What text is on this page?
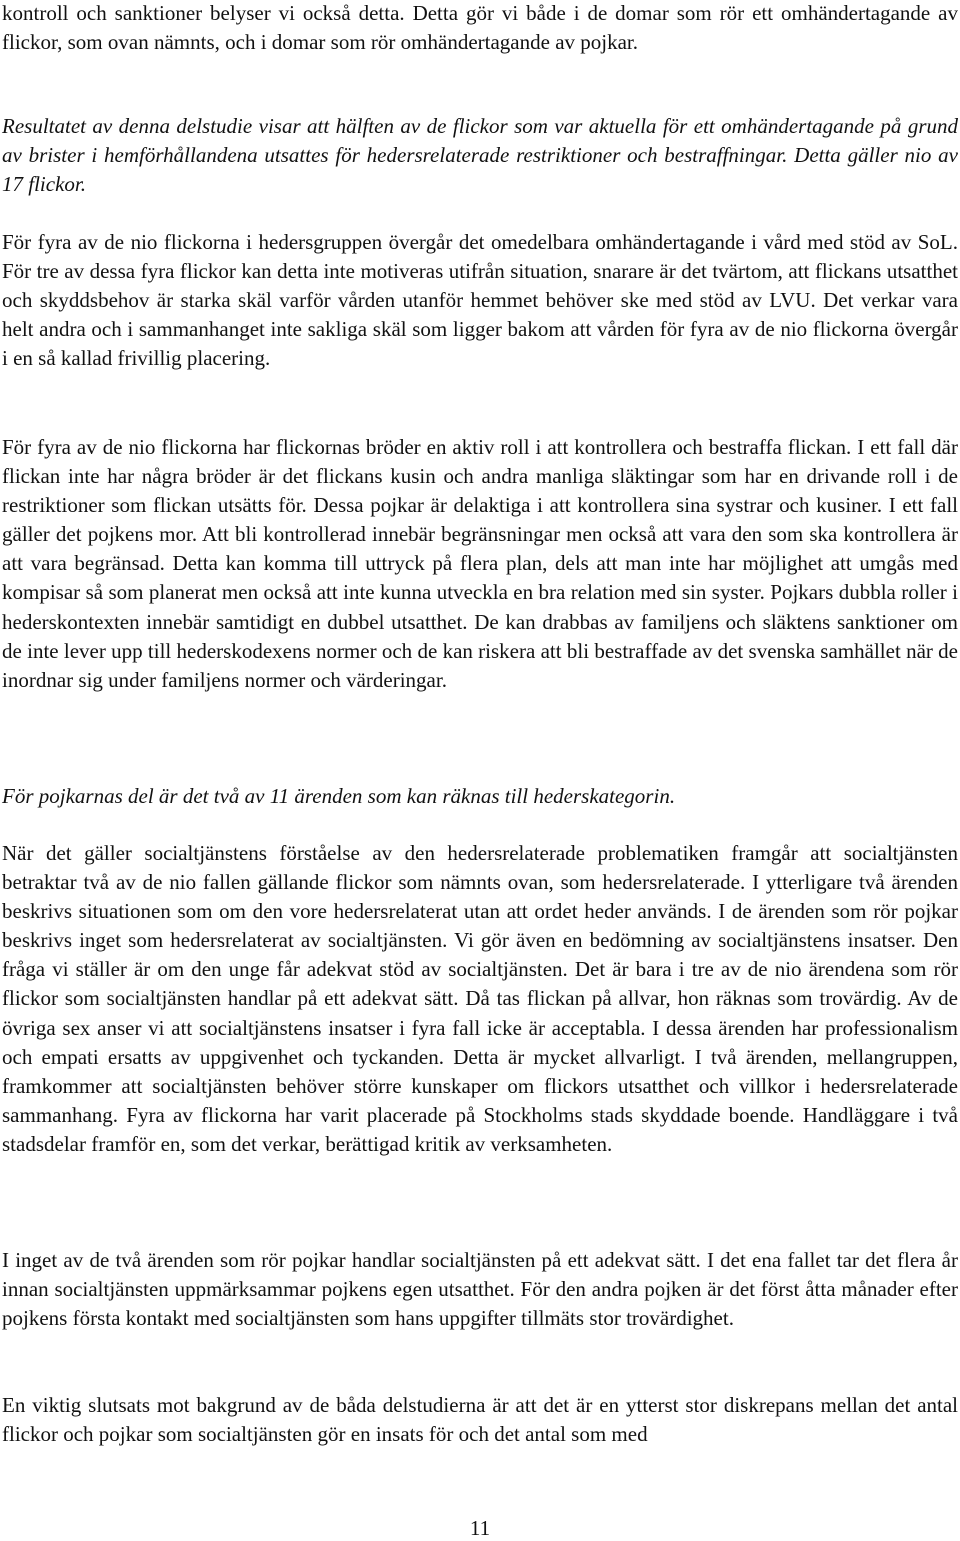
kontroll och sanktioner belyser vi också detta. Detta gör vi både i de domar som rör ett omhändertagande av flickor, som ovan nämnts, och i domar som rör omhändertagande av pojkar.

Resultatet av denna delstudie visar att hälften av de flickor som var aktuella för ett omhändertagande på grund av brister i hemförhållandena utsattes för hedersrelaterade restriktioner och bestraffningar. Detta gäller nio av 17 flickor.

För fyra av de nio flickorna i hedersgruppen övergår det omedelbara omhändertagande i vård med stöd av SoL. För tre av dessa fyra flickor kan detta inte motiveras utifrån situation, snarare är det tvärtom, att flickans utsatthet och skyddsbehov är starka skäl varför vården utanför hemmet behöver ske med stöd av LVU. Det verkar vara helt andra och i sammanhanget inte sakliga skäl som ligger bakom att vården för fyra av de nio flickorna övergår i en så kallad frivillig placering.

För fyra av de nio flickorna har flickornas bröder en aktiv roll i att kontrollera och bestraffa flickan. I ett fall där flickan inte har några bröder är det flickans kusin och andra manliga släktingar som har en drivande roll i de restriktioner som flickan utsätts för. Dessa pojkar är delaktiga i att kontrollera sina systrar och kusiner. I ett fall gäller det pojkens mor. Att bli kontrollerad innebär begränsningar men också att vara den som ska kontrollera är att vara begränsad. Detta kan komma till uttryck på flera plan, dels att man inte har möjlighet att umgås med kompisar så som planerat men också att inte kunna utveckla en bra relation med sin syster. Pojkars dubbla roller i hederskontexten innebär samtidigt en dubbel utsatthet. De kan drabbas av familjens och släktens sanktioner om de inte lever upp till hederskodexens normer och de kan riskera att bli bestraffade av det svenska samhället när de inordnar sig under familjens normer och värderingar.

För pojkarnas del är det två av 11 ärenden som kan räknas till hederskategorin.

När det gäller socialtjänstens förståelse av den hedersrelaterade problematiken framgår att socialtjänsten betraktar två av de nio fallen gällande flickor som nämnts ovan, som hedersrelaterade. I ytterligare två ärenden beskrivs situationen som om den vore hedersrelaterat utan att ordet heder används. I de ärenden som rör pojkar beskrivs inget som hedersrelaterat av socialtjänsten. Vi gör även en bedömning av socialtjänstens insatser. Den fråga vi ställer är om den unge får adekvat stöd av socialtjänsten. Det är bara i tre av de nio ärendena som rör flickor som socialtjänsten handlar på ett adekvat sätt. Då tas flickan på allvar, hon räknas som trovärdig. Av de övriga sex anser vi att socialtjänstens insatser i fyra fall icke är acceptabla. I dessa ärenden har professionalism och empati ersatts av uppgivenhet och tyckanden. Detta är mycket allvarligt. I två ärenden, mellangruppen, framkommer att socialtjänsten behöver större kunskaper om flickors utsatthet och villkor i hedersrelaterade sammanhang. Fyra av flickorna har varit placerade på Stockholms stads skyddade boende. Handläggare i två stadsdelar framför en, som det verkar, berättigad kritik av verksamheten.

I inget av de två ärenden som rör pojkar handlar socialtjänsten på ett adekvat sätt. I det ena fallet tar det flera år innan socialtjänsten uppmärksammar pojkens egen utsatthet. För den andra pojken är det först åtta månader efter pojkens första kontakt med socialtjänsten som hans uppgifter tillmäts stor trovärdighet.

En viktig slutsats mot bakgrund av de båda delstudierna är att det är en ytterst stor diskrepans mellan det antal flickor och pojkar som socialtjänsten gör en insats för och det antal som med

11
